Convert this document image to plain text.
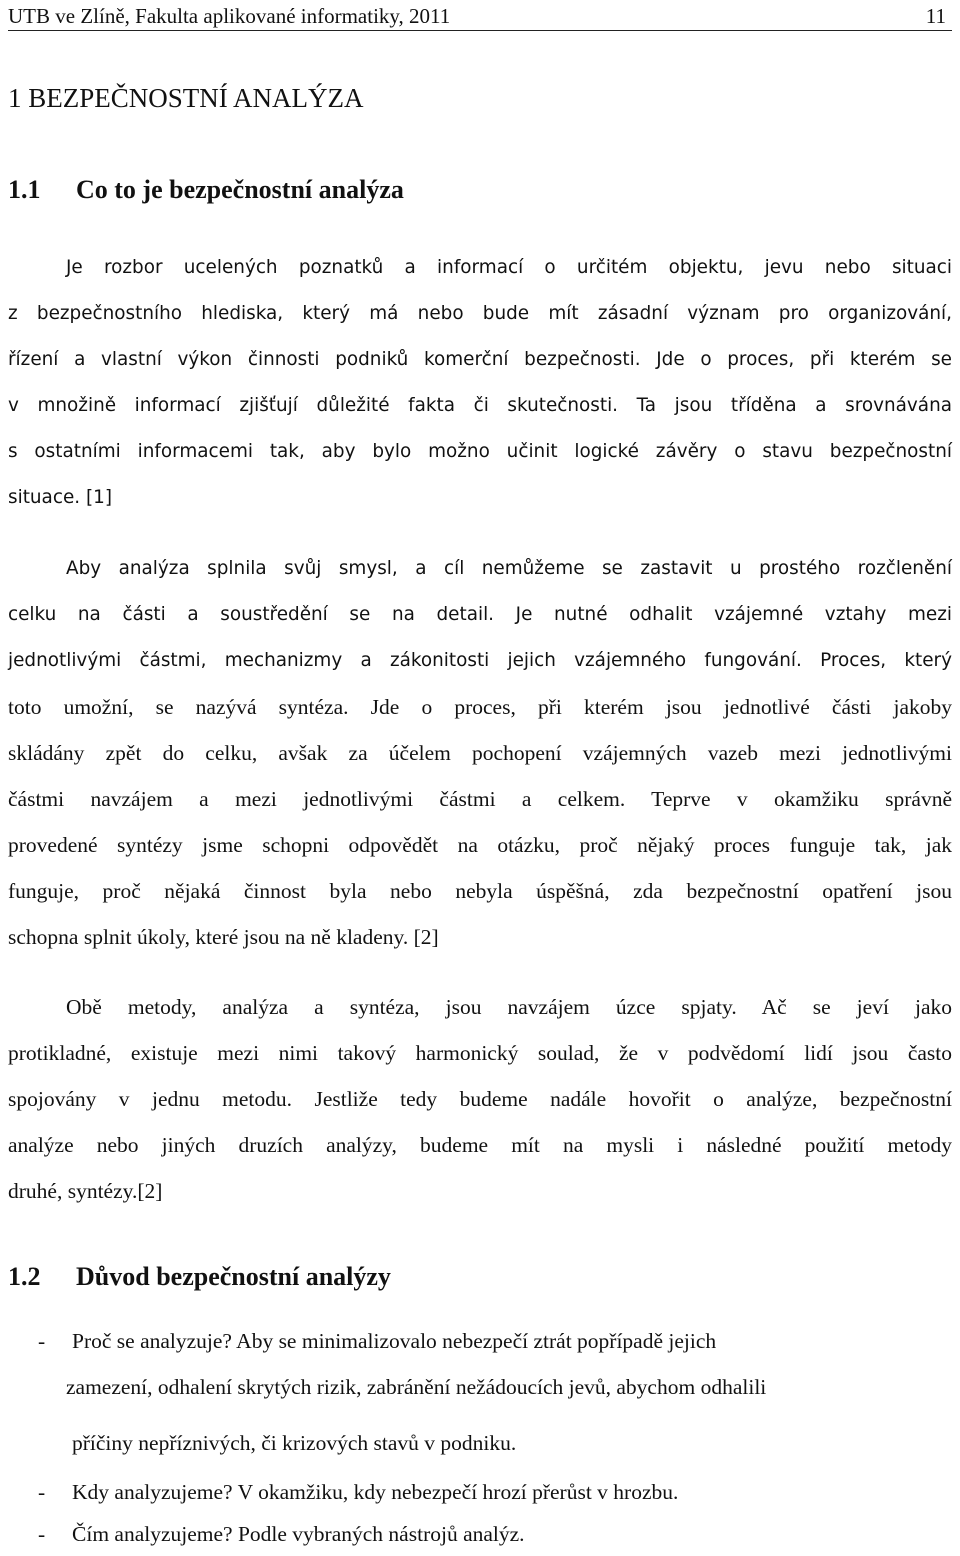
UTB ve Zlíně, Fakulta aplikované informatiky, 2011	11
1 BEZPEČNOSTNÍ ANALÝZA
1.1 Co to je bezpečnostní analýza
Je rozbor ucelených poznatků a informací o určitém objektu, jevu nebo situaci
z bezpečnostního hlediska, který má nebo bude mít zásadní význam pro organizování,
řízení a vlastní výkon činnosti podniků komerční bezpečnosti. Jde o proces, při kterém se
v množině informací zjišťují důležité fakta či skutečnosti. Ta jsou tříděna a srovnávána
s ostatními informacemi tak, aby bylo možno učinit logické závěry o stavu bezpečnostní
situace. [1]
Aby analýza splnila svůj smysl, a cíl nemůžeme se zastavit u prostého rozčlenění
celku na části a soustředění se na detail. Je nutné odhalit vzájemné vztahy mezi
jednotlivými částmi, mechanizmy a zákonitosti jejich vzájemného fungování. Proces, který
toto umožní, se nazývá syntéza. Jde o proces, při kterém jsou jednotlivé části jakoby
skládány zpět do celku, avšak za účelem pochopení vzájemných vazeb mezi jednotlivými
částmi navzájem a mezi jednotlivými částmi a celkem. Teprve v okamžiku správně
provedené syntézy jsme schopni odpovědět na otázku, proč nějaký proces funguje tak, jak
funguje, proč nějaká činnost byla nebo nebyla úspěšná, zda bezpečnostní opatření jsou
schopna splnit úkoly, které jsou na ně kladeny. [2]
Obě metody, analýza a syntéza, jsou navzájem úzce spjaty. Ač se jeví jako
protikladné, existuje mezi nimi takový harmonický soulad, že v podvědomí lidí jsou často
spojovány v jednu metodu. Jestliže tedy budeme nadále hovořit o analýze, bezpečnostní
analýze nebo jiných druzích analýzy, budeme mít na mysli i následné použití metody
druhé, syntézy.[2]
1.2 Důvod bezpečnostní analýzy
- Proč se analyzuje? Aby se minimalizovalo nebezpečí ztrát popřípadě jejich
zamezení, odhalení skrytých rizik, zabránění nežádoucích jevů, abychom odhalili
příčiny nepříznivých, či krizových stavů v podniku.
- Kdy analyzujeme? V okamžiku, kdy nebezpečí hrozí přerůst v hrozbu.
- Čím analyzujeme? Podle vybraných nástrojů analýz.
